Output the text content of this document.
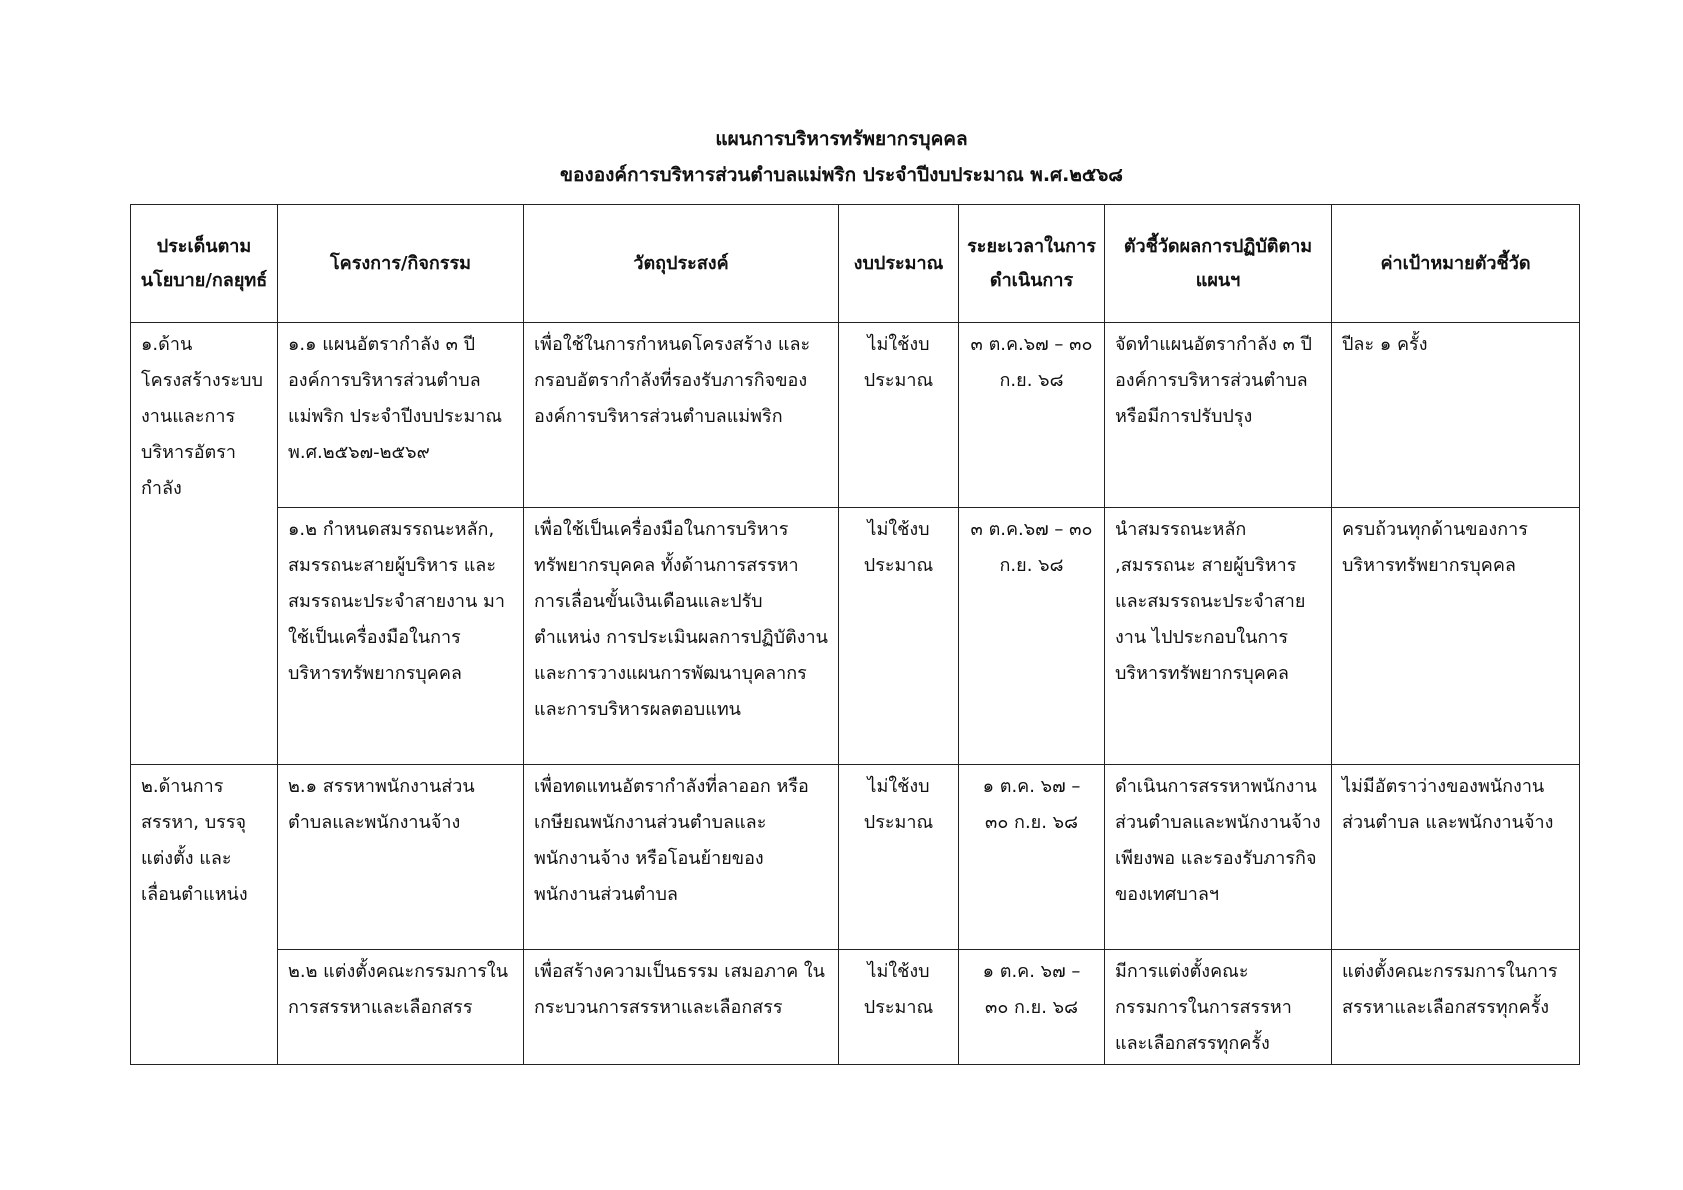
แผนการบริหารทรัพยากรบุคคล
ขององค์การบริหารส่วนตำบลแม่พริก ประจำปีงบประมาณ พ.ศ.๒๕๖๘
ประเด็นตามนโยบาย/กลยุทธ์	โครงการ/กิจกรรม	วัตถุประสงค์	งบประมาณ	ระยะเวลาในการดำเนินการ	ตัวชี้วัดผลการปฏิบัติตามแผนฯ	ค่าเป้าหมายตัวชี้วัด
๑.ด้านโครงสร้างระบบงานและการบริหารอัตรากำลัง	๑.๑ แผนอัตรากำลัง ๓ ปี องค์การบริหารส่วนตำบลแม่พริก ประจำปีงบประมาณ พ.ศ.๒๕๖๗-๒๕๖๙	เพื่อใช้ในการกำหนดโครงสร้าง และกรอบอัตรากำลังที่รองรับภารกิจขององค์การบริหารส่วนตำบลแม่พริก	ไม่ใช้งบประมาณ	๓ ต.ค.๖๗ – ๓๐ ก.ย. ๖๘	จัดทำแผนอัตรากำลัง ๓ ปีองค์การบริหารส่วนตำบลหรือมีการปรับปรุง	ปีละ ๑ ครั้ง
	๑.๒ กำหนดสมรรถนะหลัก, สมรรถนะสายผู้บริหาร และสมรรถนะประจำสายงาน มาใช้เป็นเครื่องมือในการบริหารทรัพยากรบุคคล	เพื่อใช้เป็นเครื่องมือในการบริหารทรัพยากรบุคคล ทั้งด้านการสรรหา การเลื่อนขั้นเงินเดือนและปรับตำแหน่ง การประเมินผลการปฏิบัติงานและการวางแผนการพัฒนาบุคลากรและการบริหารผลตอบแทน	ไม่ใช้งบประมาณ	๓ ต.ค.๖๗ – ๓๐ ก.ย. ๖๘	นำสมรรถนะหลัก ,สมรรถนะ สายผู้บริหาร และสมรรถนะประจำสายงาน ไปประกอบในการบริหารทรัพยากรบุคคล	ครบถ้วนทุกด้านของการบริหารทรัพยากรบุคคล
๒.ด้านการสรรหา, บรรจุแต่งตั้ง และเลื่อนตำแหน่ง	๒.๑ สรรหาพนักงานส่วนตำบลและพนักงานจ้าง	เพื่อทดแทนอัตรากำลังที่ลาออก หรือเกษียณพนักงานส่วนตำบลและพนักงานจ้าง หรือโอนย้ายของพนักงานส่วนตำบล	ไม่ใช้งบประมาณ	๑ ต.ค. ๖๗ – ๓๐ ก.ย. ๖๘	ดำเนินการสรรหาพนักงานส่วนตำบลและพนักงานจ้างเพียงพอ และรองรับภารกิจของเทศบาลฯ	ไม่มีอัตราว่างของพนักงานส่วนตำบล และพนักงานจ้าง
	๒.๒ แต่งตั้งคณะกรรมการในการสรรหาและเลือกสรร	เพื่อสร้างความเป็นธรรม เสมอภาค ในกระบวนการสรรหาและเลือกสรร	ไม่ใช้งบประมาณ	๑ ต.ค. ๖๗ – ๓๐ ก.ย. ๖๘	มีการแต่งตั้งคณะกรรมการในการสรรหาและเลือกสรรทุกครั้ง	แต่งตั้งคณะกรรมการในการสรรหาและเลือกสรรทุกครั้ง
